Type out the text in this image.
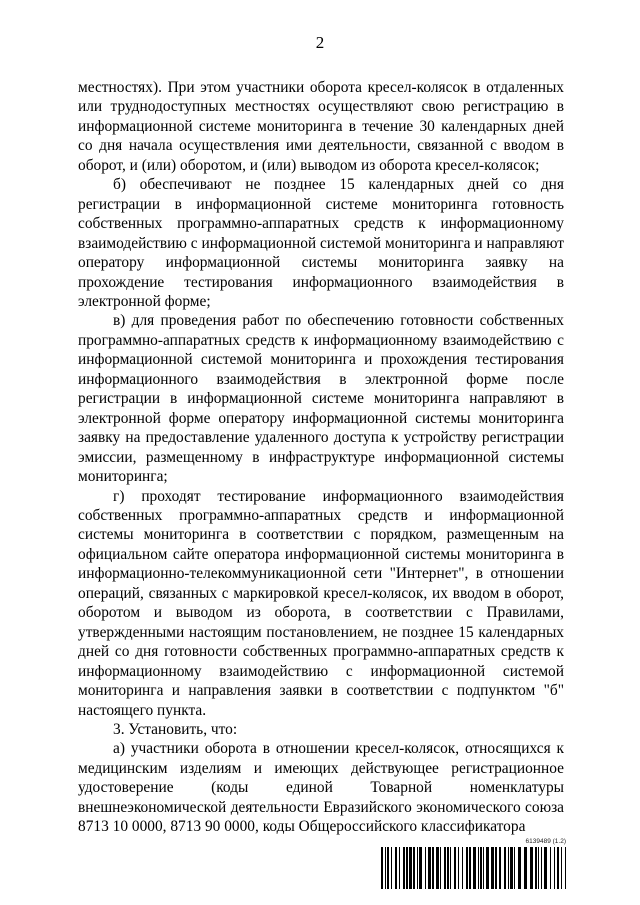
2

местностях). При этом участники оборота кресел-колясок в отдаленных или труднодоступных местностях осуществляют свою регистрацию в информационной системе мониторинга в течение 30 календарных дней со дня начала осуществления ими деятельности, связанной с вводом в оборот, и (или) оборотом, и (или) выводом из оборота кресел-колясок;

б) обеспечивают не позднее 15 календарных дней со дня регистрации в информационной системе мониторинга готовность собственных программно-аппаратных средств к информационному взаимодействию с информационной системой мониторинга и направляют оператору информационной системы мониторинга заявку на прохождение тестирования информационного взаимодействия в электронной форме;

в) для проведения работ по обеспечению готовности собственных программно-аппаратных средств к информационному взаимодействию с информационной системой мониторинга и прохождения тестирования информационного взаимодействия в электронной форме после регистрации в информационной системе мониторинга направляют в электронной форме оператору информационной системы мониторинга заявку на предоставление удаленного доступа к устройству регистрации эмиссии, размещенному в инфраструктуре информационной системы мониторинга;

г) проходят тестирование информационного взаимодействия собственных программно-аппаратных средств и информационной системы мониторинга в соответствии с порядком, размещенным на официальном сайте оператора информационной системы мониторинга в информационно-телекоммуникационной сети "Интернет", в отношении операций, связанных с маркировкой кресел-колясок, их вводом в оборот, оборотом и выводом из оборота, в соответствии с Правилами, утвержденными настоящим постановлением, не позднее 15 календарных дней со дня готовности собственных программно-аппаратных средств к информационному взаимодействию с информационной системой мониторинга и направления заявки в соответствии с подпунктом "б" настоящего пункта.

3. Установить, что:

а) участники оборота в отношении кресел-колясок, относящихся к медицинским изделиям и имеющих действующее регистрационное удостоверение (коды единой Товарной номенклатуры внешнеэкономической деятельности Евразийского экономического союза 8713 10 0000, 8713 90 0000, коды Общероссийского классификатора

6139489 (1.2)
